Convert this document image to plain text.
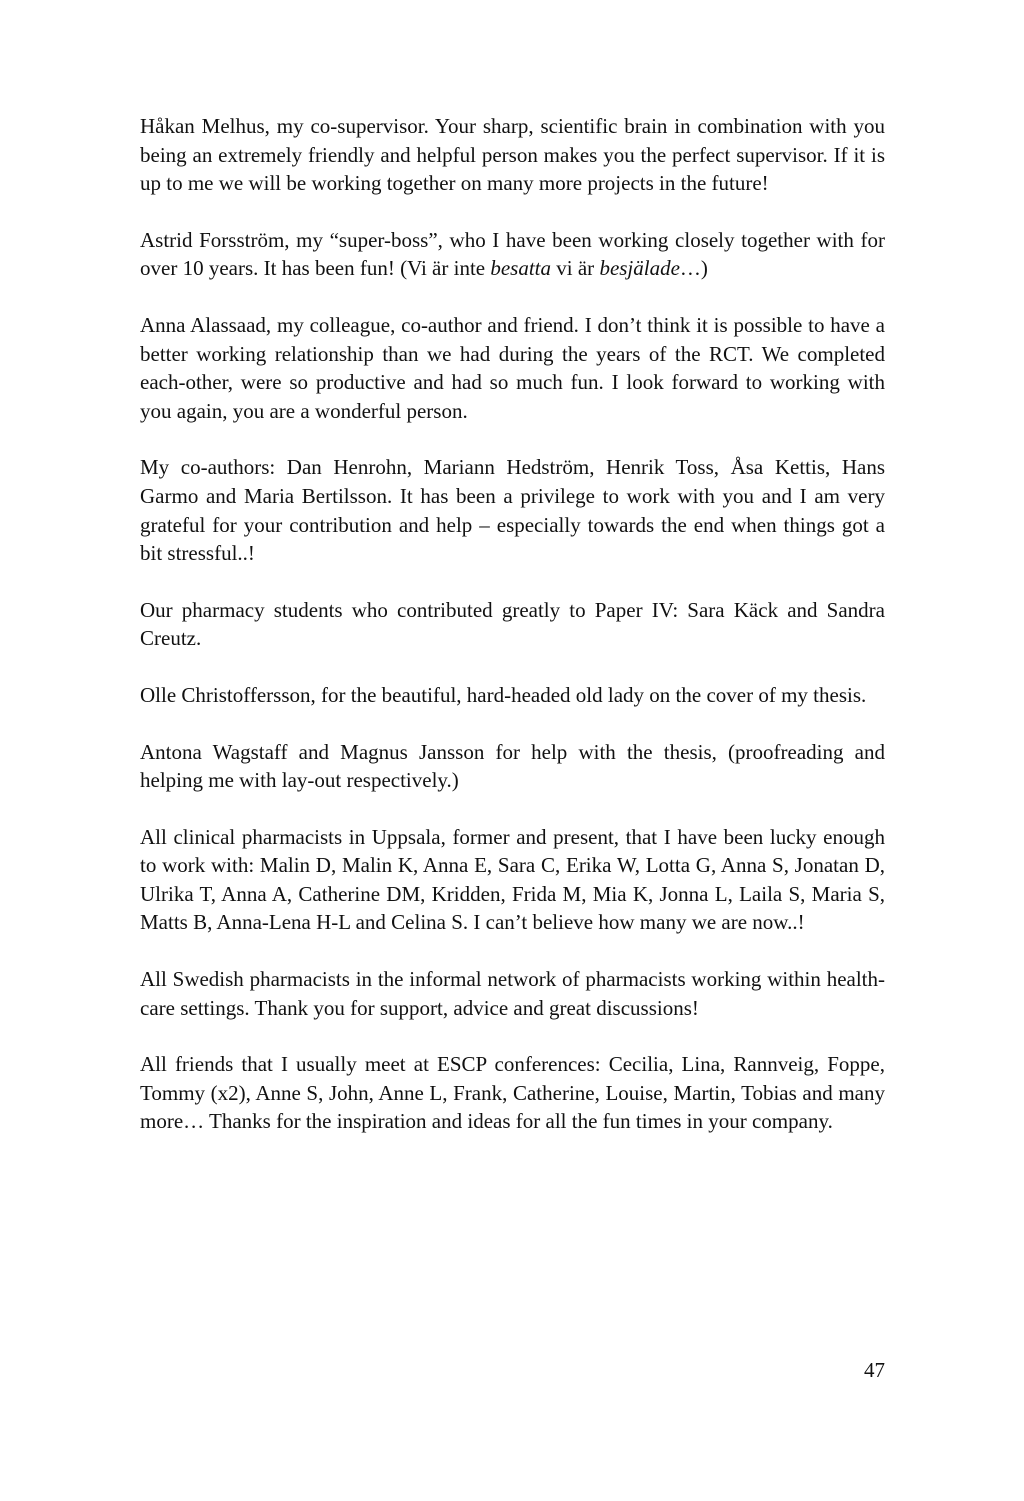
Håkan Melhus, my co-supervisor. Your sharp, scientific brain in combination with you being an extremely friendly and helpful person makes you the perfect supervisor. If it is up to me we will be working together on many more projects in the future!

Astrid Forsström, my “super-boss”, who I have been working closely together with for over 10 years. It has been fun! (Vi är inte besatta vi är besjälade…)

Anna Alassaad, my colleague, co-author and friend. I don’t think it is possible to have a better working relationship than we had during the years of the RCT. We completed each-other, were so productive and had so much fun. I look forward to working with you again, you are a wonderful person.

My co-authors: Dan Henrohn, Mariann Hedström, Henrik Toss, Åsa Kettis, Hans Garmo and Maria Bertilsson. It has been a privilege to work with you and I am very grateful for your contribution and help – especially towards the end when things got a bit stressful..!

Our pharmacy students who contributed greatly to Paper IV: Sara Käck and Sandra Creutz.

Olle Christoffersson, for the beautiful, hard-headed old lady on the cover of my thesis.

Antona Wagstaff and Magnus Jansson for help with the thesis, (proofreading and helping me with lay-out respectively.)

All clinical pharmacists in Uppsala, former and present, that I have been lucky enough to work with: Malin D, Malin K, Anna E, Sara C, Erika W, Lotta G, Anna S, Jonatan D, Ulrika T, Anna A, Catherine DM, Kridden, Frida M, Mia K, Jonna L, Laila S, Maria S, Matts B, Anna-Lena H-L and Celina S. I can’t believe how many we are now..!

All Swedish pharmacists in the informal network of pharmacists working within health-care settings. Thank you for support, advice and great discussions!

All friends that I usually meet at ESCP conferences: Cecilia, Lina, Rannveig, Foppe, Tommy (x2), Anne S, John, Anne L, Frank, Catherine, Louise, Martin, Tobias and many more… Thanks for the inspiration and ideas for all the fun times in your company.

47
